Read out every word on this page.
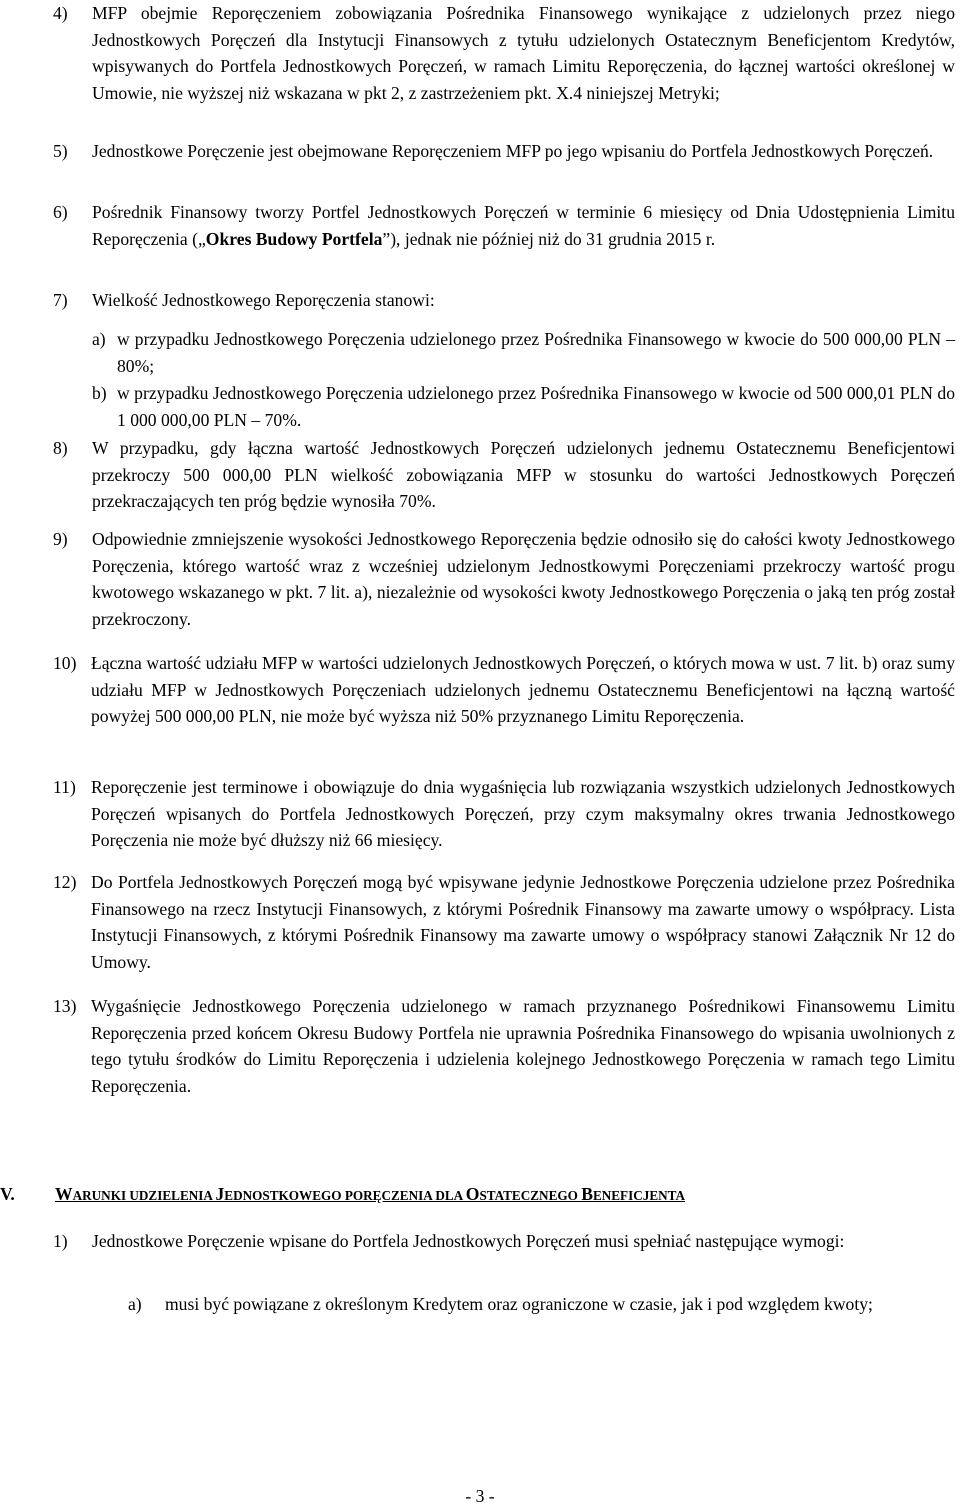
4) MFP obejmie Reporęczeniem zobowiązania Pośrednika Finansowego wynikające z udzielonych przez niego Jednostkowych Poręczeń dla Instytucji Finansowych z tytułu udzielonych Ostatecznym Beneficjentom Kredytów, wpisywanych do Portfela Jednostkowych Poręczeń, w ramach Limitu Reporęczenia, do łącznej wartości określonej w Umowie, nie wyższej niż wskazana w pkt 2, z zastrzeżeniem pkt. X.4 niniejszej Metryki;
5) Jednostkowe Poręczenie jest obejmowane Reporęczeniem MFP po jego wpisaniu do Portfela Jednostkowych Poręczeń.
6) Pośrednik Finansowy tworzy Portfel Jednostkowych Poręczeń w terminie 6 miesięcy od Dnia Udostępnienia Limitu Reporęczenia („Okres Budowy Portfela”), jednak nie później niż do 31 grudnia 2015 r.
7) Wielkość Jednostkowego Reporęczenia stanowi:
a) w przypadku Jednostkowego Poręczenia udzielonego przez Pośrednika Finansowego w kwocie do 500 000,00 PLN – 80%;
b) w przypadku Jednostkowego Poręczenia udzielonego przez Pośrednika Finansowego w kwocie od 500 000,01 PLN do 1 000 000,00 PLN – 70%.
8) W przypadku, gdy łączna wartość Jednostkowych Poręczeń udzielonych jednemu Ostatecznemu Beneficjentowi przekroczy 500 000,00 PLN wielkość zobowiązania MFP w stosunku do wartości Jednostkowych Poręczeń przekraczających ten próg będzie wynosiła 70%.
9) Odpowiednie zmniejszenie wysokości Jednostkowego Reporęczenia będzie odnosiło się do całości kwoty Jednostkowego Poręczenia, którego wartość wraz z wcześniej udzielonym Jednostkowymi Poręczeniami przekroczy wartość progu kwotowego wskazanego w pkt. 7 lit. a), niezależnie od wysokości kwoty Jednostkowego Poręczenia o jaką ten próg został przekroczony.
10) Łączna wartość udziału MFP w wartości udzielonych Jednostkowych Poręczeń, o których mowa w ust. 7 lit. b) oraz sumy udziału MFP w Jednostkowych Poręczeniach udzielonych jednemu Ostatecznemu Beneficjentowi na łączną wartość powyżej 500 000,00 PLN, nie może być wyższa niż 50% przyznanego Limitu Reporęczenia.
11) Reporęczenie jest terminowe i obowiązuje do dnia wygaśnięcia lub rozwiązania wszystkich udzielonych Jednostkowych Poręczeń wpisanych do Portfela Jednostkowych Poręczeń, przy czym maksymalny okres trwania Jednostkowego Poręczenia nie może być dłuższy niż 66 miesięcy.
12) Do Portfela Jednostkowych Poręczeń mogą być wpisywane jedynie Jednostkowe Poręczenia udzielone przez Pośrednika Finansowego na rzecz Instytucji Finansowych, z którymi Pośrednik Finansowy ma zawarte umowy o współpracy. Lista Instytucji Finansowych, z którymi Pośrednik Finansowy ma zawarte umowy o współpracy stanowi Załącznik Nr 12 do Umowy.
13) Wygaśnięcie Jednostkowego Poręczenia udzielonego w ramach przyznanego Pośrednikowi Finansowemu Limitu Reporęczenia przed końcem Okresu Budowy Portfela nie uprawnia Pośrednika Finansowego do wpisania uwolnionych z tego tytułu środków do Limitu Reporęczenia i udzielenia kolejnego Jednostkowego Poręczenia w ramach tego Limitu Reporęczenia.
V. WARUNKI UDZIELENIA JEDNOSTKOWEGO PORĘCZENIA DLA OSTATECZNEGO BENEFICJENTA
1) Jednostkowe Poręczenie wpisane do Portfela Jednostkowych Poręczeń musi spełniać następujące wymogi:
a) musi być powiązane z określonym Kredytem oraz ograniczone w czasie, jak i pod względem kwoty;
- 3 -
